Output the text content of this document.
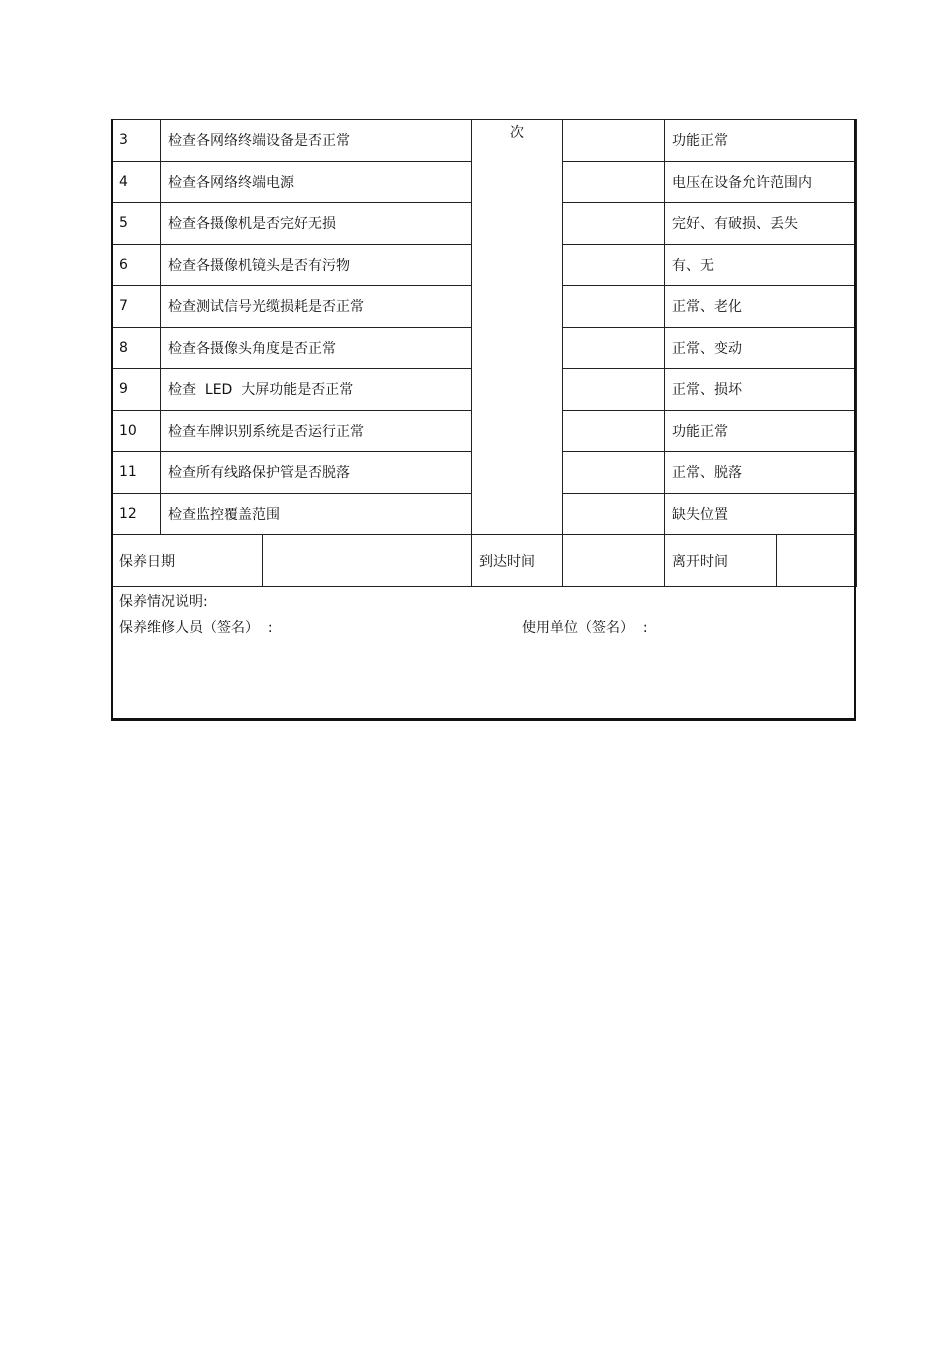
3	检查各网络终端设备是否正常		次		功能正常	
4	检查各网络终端电源				电压在设备允许范围内	
5	检查各摄像机是否完好无损				完好、有破损、丢失	
6	检查各摄像机镜头是否有污物				有、无	
7	检查测试信号光缆损耗是否正常				正常、老化	
8	检查各摄像头角度是否正常				正常、变动	
9	检查  LED  大屏功能是否正常				正常、损坏	
10	检查车牌识别系统是否运行正常				功能正常	
11	检查所有线路保护管是否脱落				正常、脱落	
12	检查监控覆盖范围				缺失位置	
保养日期			到达时间		离开时间	
保养情况说明:
保养维修人员（签名）  :	使用单位（签名）  :
